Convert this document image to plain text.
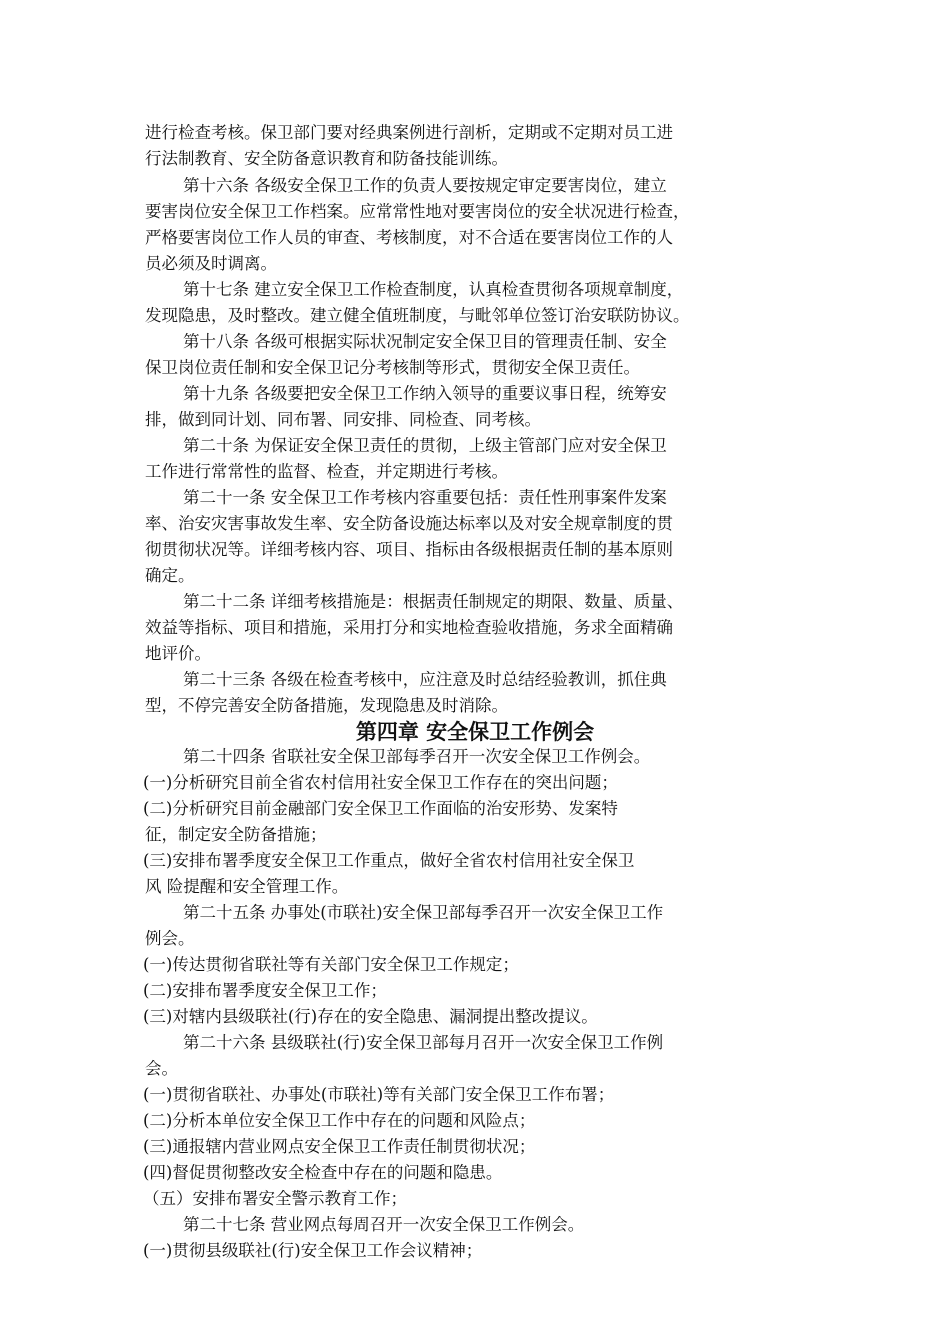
进行检查考核。保卫部门要对经典案例进行剖析，定期或不定期对员工进
行法制教育、安全防备意识教育和防备技能训练。
第十六条 各级安全保卫工作的负责人要按规定审定要害岗位，建立
要害岗位安全保卫工作档案。应常常性地对要害岗位的安全状况进行检查，
严格要害岗位工作人员的审查、考核制度，对不合适在要害岗位工作的人
员必须及时调离。
第十七条 建立安全保卫工作检查制度，认真检查贯彻各项规章制度，
发现隐患，及时整改。建立健全值班制度，与毗邻单位签订治安联防协议。
第十八条 各级可根据实际状况制定安全保卫目的管理责任制、安全
保卫岗位责任制和安全保卫记分考核制等形式，贯彻安全保卫责任。
第十九条 各级要把安全保卫工作纳入领导的重要议事日程，统筹安
排，做到同计划、同布署、同安排、同检查、同考核。
第二十条 为保证安全保卫责任的贯彻，上级主管部门应对安全保卫
工作进行常常性的监督、检查，并定期进行考核。
第二十一条 安全保卫工作考核内容重要包括：责任性刑事案件发案
率、治安灾害事故发生率、安全防备设施达标率以及对安全规章制度的贯
彻贯彻状况等。详细考核内容、项目、指标由各级根据责任制的基本原则
确定。
第二十二条 详细考核措施是：根据责任制规定的期限、数量、质量、
效益等指标、项目和措施，采用打分和实地检查验收措施，务求全面精确
地评价。
第二十三条 各级在检查考核中，应注意及时总结经验教训，抓住典
型，不停完善安全防备措施，发现隐患及时消除。
第四章 安全保卫工作例会
第二十四条 省联社安全保卫部每季召开一次安全保卫工作例会。
(一)分析研究目前全省农村信用社安全保卫工作存在的突出问题；
(二)分析研究目前金融部门安全保卫工作面临的治安形势、发案特
征，制定安全防备措施；
(三)安排布署季度安全保卫工作重点，做好全省农村信用社安全保卫
风 险提醒和安全管理工作。
第二十五条 办事处(市联社)安全保卫部每季召开一次安全保卫工作
例会。
(一)传达贯彻省联社等有关部门安全保卫工作规定；
(二)安排布署季度安全保卫工作；
(三)对辖内县级联社(行)存在的安全隐患、漏洞提出整改提议。
第二十六条 县级联社(行)安全保卫部每月召开一次安全保卫工作例
会。
(一)贯彻省联社、办事处(市联社)等有关部门安全保卫工作布署；
(二)分析本单位安全保卫工作中存在的问题和风险点；
(三)通报辖内营业网点安全保卫工作责任制贯彻状况；
(四)督促贯彻整改安全检查中存在的问题和隐患。
（五）安排布署安全警示教育工作；
第二十七条 营业网点每周召开一次安全保卫工作例会。
(一)贯彻县级联社(行)安全保卫工作会议精神；
